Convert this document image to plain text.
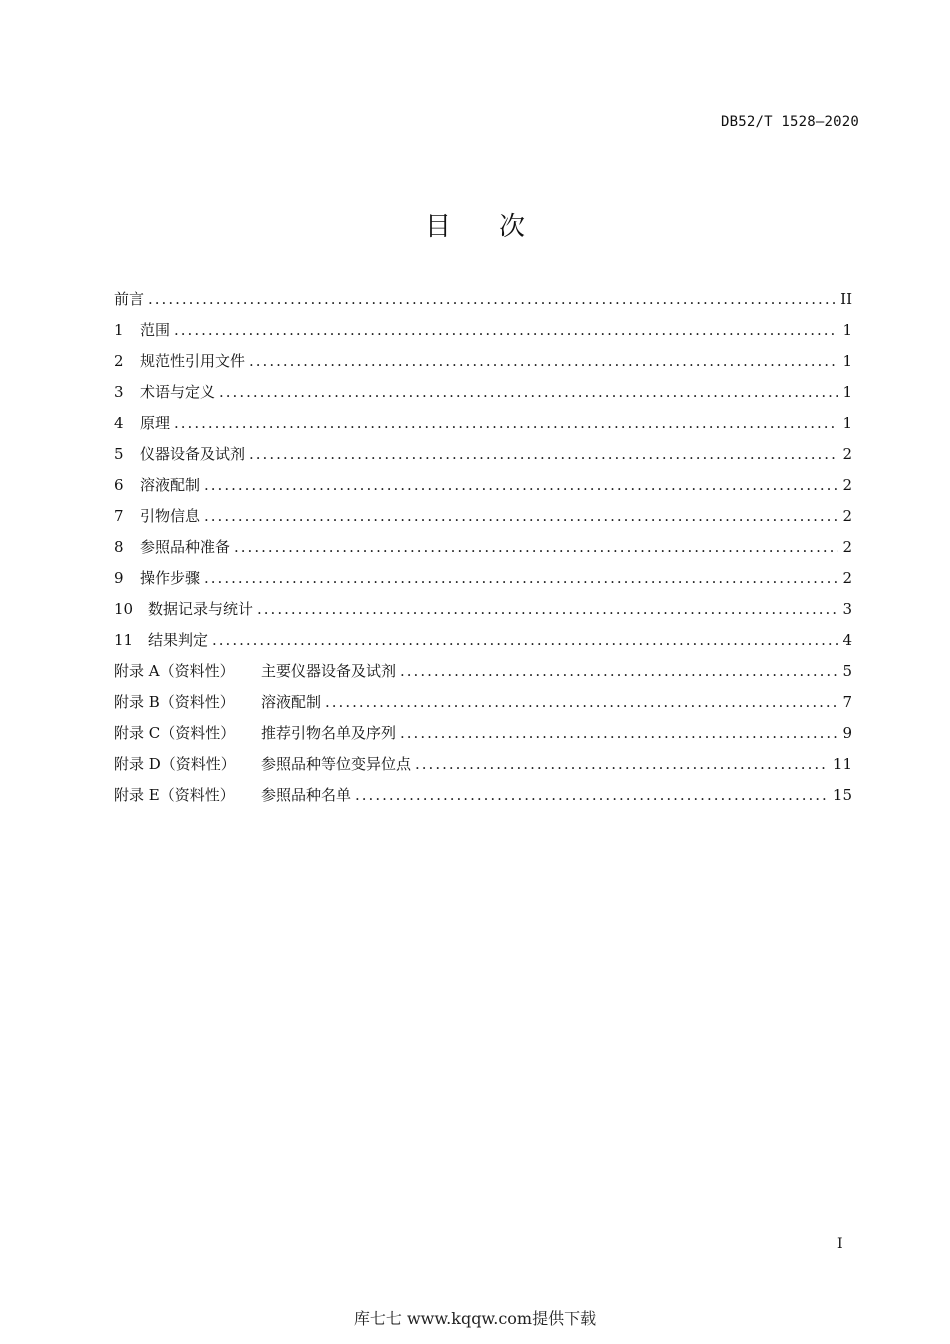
DB52/T 1528—2020
目次
前言 .....	II
1	范围 .....	1
2	规范性引用文件 .....	1
3	术语与定义 .....	1
4	原理 .....	1
5	仪器设备及试剂 .....	2
6	溶液配制 .....	2
7	引物信息 .....	2
8	参照品种准备 .....	2
9	操作步骤 .....	2
10 数据记录与统计 .....	3
11 结果判定 .....	4
附录 A（资料性）	主要仪器设备及试剂 .....	5
附录 B（资料性）	溶液配制 .....	7
附录 C（资料性）	推荐引物名单及序列 .....	9
附录 D（资料性）	参照品种等位变异位点 .....	11
附录 E（资料性）	参照品种名单 .....	15
I
库七七 www.kqqw.com提供下载
